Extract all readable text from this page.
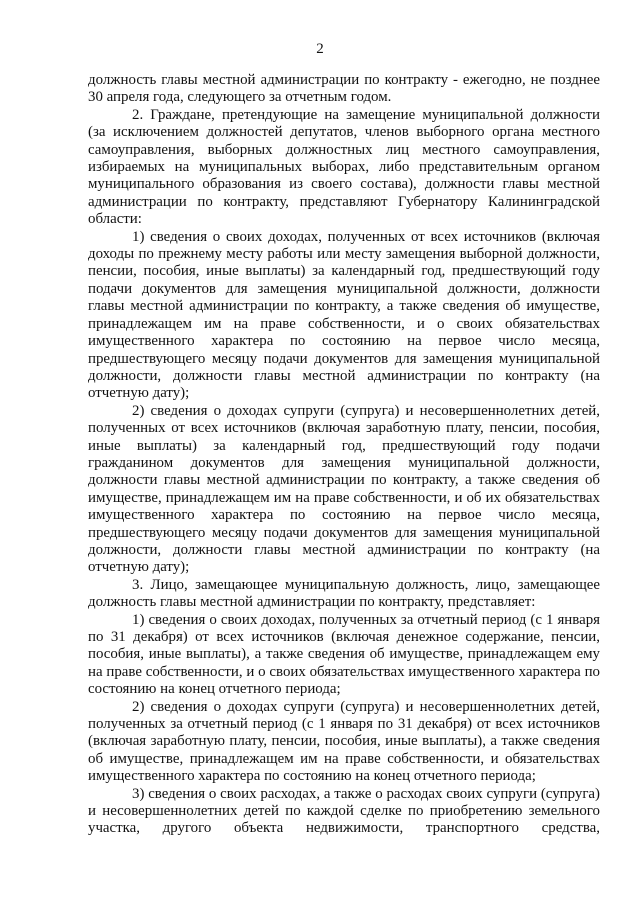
2

должность главы местной администрации по контракту - ежегодно, не позднее 30 апреля года, следующего за отчетным годом.

2. Граждане, претендующие на замещение муниципальной должности (за исключением должностей депутатов, членов выборного органа местного самоуправления, выборных должностных лиц местного самоуправления, избираемых на муниципальных выборах, либо представительным органом муниципального образования из своего состава), должности главы местной администрации по контракту, представляют Губернатору Калининградской области:

1) сведения о своих доходах, полученных от всех источников (включая доходы по прежнему месту работы или месту замещения выборной должности, пенсии, пособия, иные выплаты) за календарный год, предшествующий году подачи документов для замещения муниципальной должности, должности главы местной администрации по контракту, а также сведения об имуществе, принадлежащем им на праве собственности, и о своих обязательствах имущественного характера по состоянию на первое число месяца, предшествующего месяцу подачи документов для замещения муниципальной должности, должности главы местной администрации по контракту (на отчетную дату);

2) сведения о доходах супруги (супруга) и несовершеннолетних детей, полученных от всех источников (включая заработную плату, пенсии, пособия, иные выплаты) за календарный год, предшествующий году подачи гражданином документов для замещения муниципальной должности, должности главы местной администрации по контракту, а также сведения об имуществе, принадлежащем им на праве собственности, и об их обязательствах имущественного характера по состоянию на первое число месяца, предшествующего месяцу подачи документов для замещения муниципальной должности, должности главы местной администрации по контракту (на отчетную дату);

3. Лицо, замещающее муниципальную должность, лицо, замещающее должность главы местной администрации по контракту, представляет:

1) сведения о своих доходах, полученных за отчетный период (с 1 января по 31 декабря) от всех источников (включая денежное содержание, пенсии, пособия, иные выплаты), а также сведения об имуществе, принадлежащем ему на праве собственности, и о своих обязательствах имущественного характера по состоянию на конец отчетного периода;

2) сведения о доходах супруги (супруга) и несовершеннолетних детей, полученных за отчетный период (с 1 января по 31 декабря) от всех источников (включая заработную плату, пенсии, пособия, иные выплаты), а также сведения об имуществе, принадлежащем им на праве собственности, и обязательствах имущественного характера по состоянию на конец отчетного периода;

3) сведения о своих расходах, а также о расходах своих супруги (супруга) и несовершеннолетних детей по каждой сделке по приобретению земельного участка, другого объекта недвижимости, транспортного средства,
